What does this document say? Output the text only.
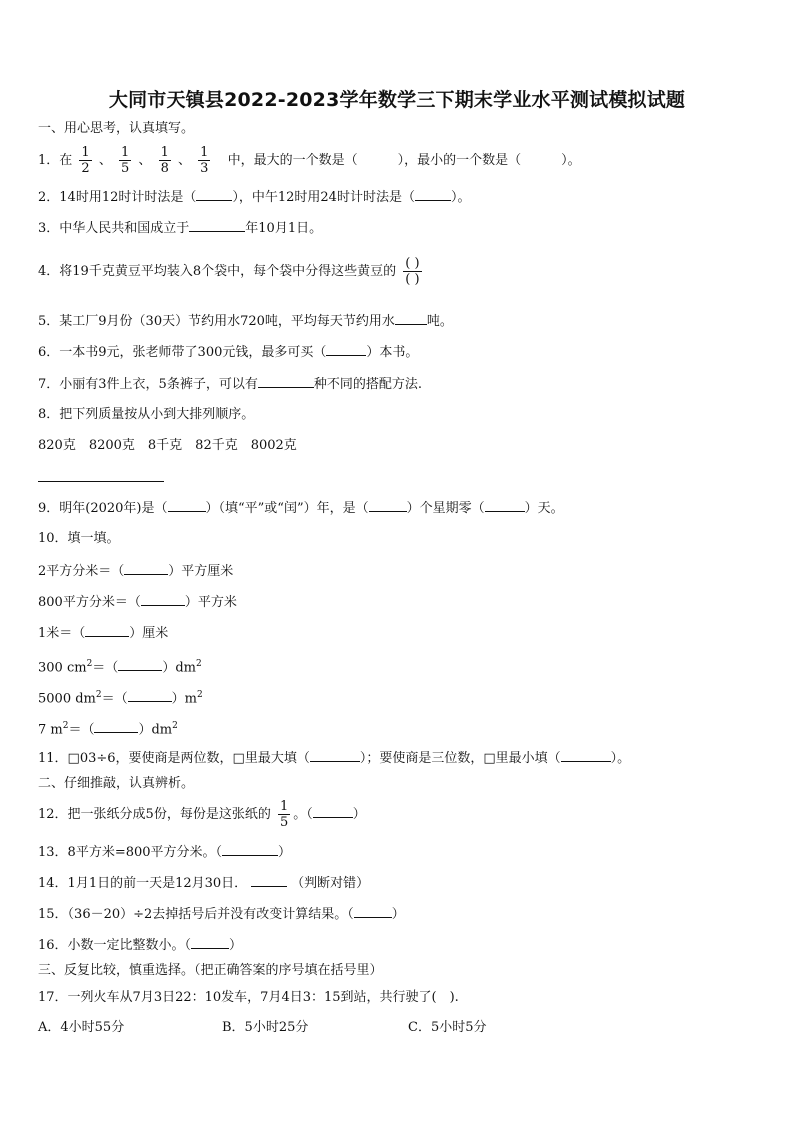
大同市天镇县2022-2023学年数学三下期末学业水平测试模拟试题
一、用心思考，认真填写。
1．在 $\frac{1}{2}$ 、 $\frac{1}{5}$ 、 $\frac{1}{8}$ 、 $\frac{1}{3}$ 中，最大的一个数是（	），最小的一个数是（	）。
2．14时用12时计时法是（	），中午12时用24时计时法是（	）。
3．中华人民共和国成立于	年10月1日。
4．将19千克黄豆平均装入8个袋中，每个袋中分得这些黄豆的 $\frac{( )}{( )}$
5．某工厂9月份（30天）节约用水720吨，平均每天节约用水 吨。
6．一本书9元，张老师带了300元钱，最多可买（	）本书。
7．小丽有3件上衣，5条裤子，可以有	种不同的搭配方法.
8．把下列质量按从小到大排列顺序。
820克　8200克　8千克　82千克　8002克
9．明年(2020年)是（	）（填“平”或“闰”）年，是（	）个星期零（	）天。
10．填一填。
2平方分米＝（	）平方厘米
800平方分米＝（	）平方米
1米＝（	）厘米
300 $cm^2=$（	）$dm^2$
5000 $dm^2=$（	）$m^2$
7 $m^2=$（	）$dm^2$
11．□03÷6，要使商是两位数，□里最大填（	）；要使商是三位数，□里最小填（	）。
二、仔细推敲，认真辨析。
12．把一张纸分成5份，每份是这张纸的 $\frac{1}{5}$ 。（	）
13．8平方米=800平方分米。（	）
14．1月1日的前一天是12月30日．	（判断对错）
15．（36－20）÷2去掉括号后并没有改变计算结果。（	）
16．小数一定比整数小。（	）
三、反复比较，慎重选择。（把正确答案的序号填在括号里）
17．一列火车从7月3日22：10发车，7月4日3：15到站，共行驶了(　).
A．4小时55分	B．5小时25分	C．5小时5分
